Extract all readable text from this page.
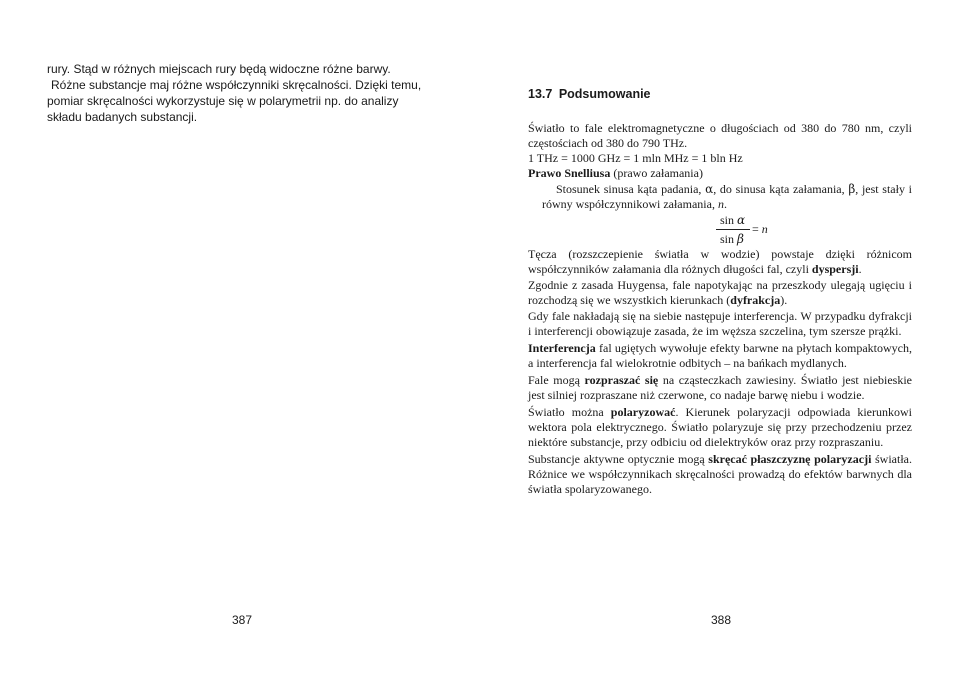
rury. Stąd w różnych miejscach rury będą widoczne różne barwy.

Różne substancje maj różne współczynniki skręcalności. Dzięki temu,

pomiar skręcalności wykorzystuje się w polarymetrii np. do analizy

składu badanych substancji.

387
13.7 Podsumowanie

Światło to fale elektromagnetyczne o długościach od 380 do 780 nm, czyli częstościach od 380 do 790 THz.

1 THz = 1000 GHz = 1 mln MHz = 1 bln Hz

Prawo Snelliusa (prawo załamania)

Stosunek sinusa kąta padania, α, do sinusa kąta załamania, β, jest stały i równy współczynnikowi załamania, n.

sin α
sin β
= n

Tęcza (rozszczepienie światła w wodzie) powstaje dzięki różnicom współczynników załamania dla różnych długości fal, czyli dyspersji.

Zgodnie z zasada Huygensa, fale napotykając na przeszkody ulegają ugięciu i rozchodzą się we wszystkich kierunkach (dyfrakcja).

Gdy fale nakładają się na siebie następuje interferencja. W przypadku dyfrakcji i interferencji obowiązuje zasada, że im węższa szczelina, tym szersze prążki.

Interferencja fal ugiętych wywołuje efekty barwne na płytach kompaktowych, a interferencja fal wielokrotnie odbitych – na bańkach mydlanych.

Fale mogą rozpraszać się na cząsteczkach zawiesiny. Światło jest niebieskie jest silniej rozpraszane niż czerwone, co nadaje barwę niebu i wodzie.

Światło można polaryzować. Kierunek polaryzacji odpowiada kierunkowi wektora pola elektrycznego. Światło polaryzuje się przy przechodzeniu przez niektóre substancje, przy odbiciu od dielektryków oraz przy rozpraszaniu.

Substancje aktywne optycznie mogą skręcać płaszczyznę polaryzacji światła. Różnice we współczynnikach skręcalności prowadzą do efektów barwnych dla światła spolaryzowanego.

388
